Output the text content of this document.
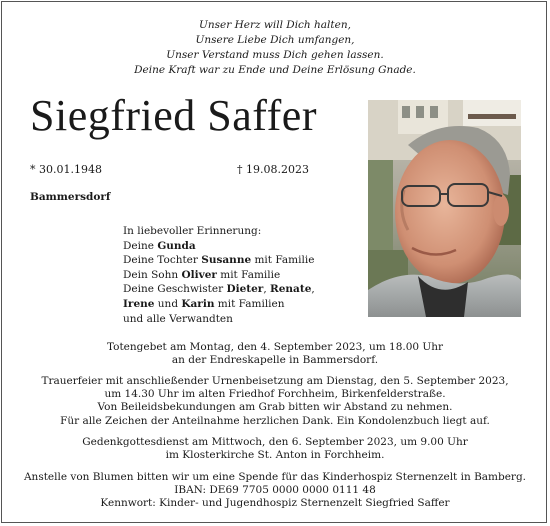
Unser Herz will Dich halten,
Unsere Liebe Dich umfangen,
Unser Verstand muss Dich gehen lassen.
Deine Kraft war zu Ende und Deine Erlösung Gnade.
Siegfried Saffer
* 30.01.1948	† 19.08.2023
Bammersdorf
In liebevoller Erinnerung:
Deine Gunda
Deine Tochter Susanne mit Familie
Dein Sohn Oliver mit Familie
Deine Geschwister Dieter, Renate,
Irene und Karin mit Familien
und alle Verwandten
Totengebet am Montag, den 4. September 2023, um 18.00 Uhr
an der Endreskapelle in Bammersdorf.
Trauerfeier mit anschließender Urnenbeisetzung am Dienstag, den 5. September 2023,
um 14.30 Uhr im alten Friedhof Forchheim, Birkenfelderstraße.
Von Beileidsbekundungen am Grab bitten wir Abstand zu nehmen.
Für alle Zeichen der Anteilnahme herzlichen Dank. Ein Kondolenzbuch liegt auf.
Gedenkgottesdienst am Mittwoch, den 6. September 2023, um 9.00 Uhr
im Klosterkirche St. Anton in Forchheim.
Anstelle von Blumen bitten wir um eine Spende für das Kinderhospiz Sternenzelt in Bamberg.
IBAN: DE69 7705 0000 0000 0111 48
Kennwort: Kinder- und Jugendhospiz Sternenzelt Siegfried Saffer
